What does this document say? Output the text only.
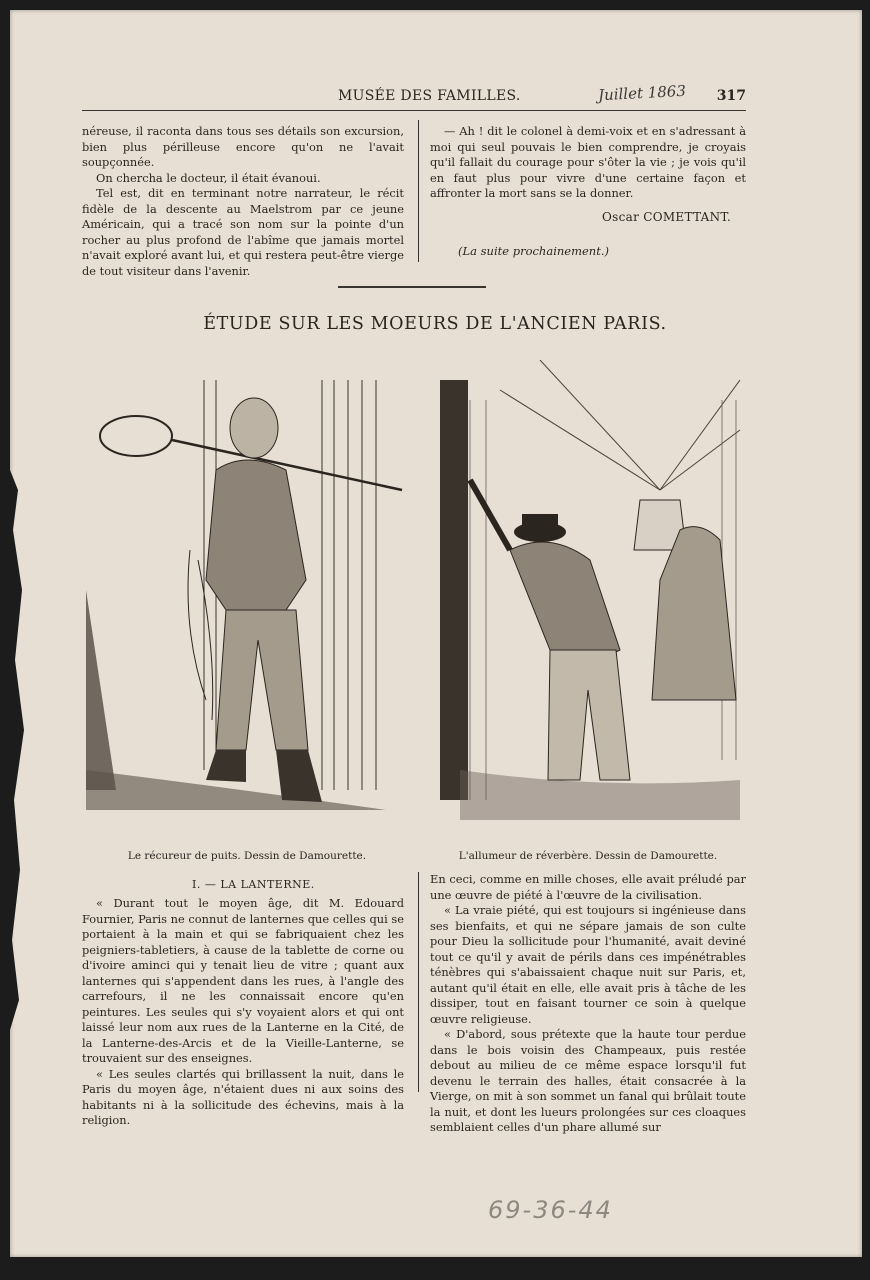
MUSÉE DES FAMILLES.	Juillet 1863 317

néreuse, il raconta dans tous ses détails son excursion, bien plus périlleuse encore qu'on ne l'avait soupçonnée.

On chercha le docteur, il était évanoui.

Tel est, dit en terminant notre narrateur, le récit fidèle de la descente au Maelstrom par ce jeune Américain, qui a tracé son nom sur la pointe d'un rocher au plus profond de l'abîme que jamais mortel n'avait exploré avant lui, et qui restera peut-être vierge de tout visiteur dans l'avenir.

— Ah ! dit le colonel à demi-voix et en s'adressant à moi qui seul pouvais le bien comprendre, je croyais qu'il fallait du courage pour s'ôter la vie ; je vois qu'il en faut plus pour vivre d'une certaine façon et affronter la mort sans se la donner.

Oscar COMETTANT.
(La suite prochainement.)
ÉTUDE SUR LES MOEURS DE L'ANCIEN PARIS.
Le récureur de puits. Dessin de Damourette.	L'allumeur de réverbère. Dessin de Damourette.
I. — LA LANTERNE.

« Durant tout le moyen âge, dit M. Edouard Fournier, Paris ne connut de lanternes que celles qui se portaient à la main et qui se fabriquaient chez les peigniers-tabletiers, à cause de la tablette de corne ou d'ivoire aminci qui y tenait lieu de vitre ; quant aux lanternes qui s'appendent dans les rues, à l'angle des carrefours, il ne les connaissait encore qu'en peintures. Les seules qui s'y voyaient alors et qui ont laissé leur nom aux rues de la Lanterne en la Cité, de la Lanterne-des-Arcis et de la Vieille-Lanterne, se trouvaient sur des enseignes.

« Les seules clartés qui brillassent la nuit, dans le Paris du moyen âge, n'étaient dues ni aux soins des habitants ni à la sollicitude des échevins, mais à la religion.

En ceci, comme en mille choses, elle avait préludé par une œuvre de piété à l'œuvre de la civilisation.

« La vraie piété, qui est toujours si ingénieuse dans ses bienfaits, et qui ne sépare jamais de son culte pour Dieu la sollicitude pour l'humanité, avait deviné tout ce qu'il y avait de périls dans ces impénétrables ténèbres qui s'abaissaient chaque nuit sur Paris, et, autant qu'il était en elle, elle avait pris à tâche de les dissiper, tout en faisant tourner ce soin à quelque œuvre religieuse.

« D'abord, sous prétexte que la haute tour perdue dans le bois voisin des Champeaux, puis restée debout au milieu de ce même espace lorsqu'il fut devenu le terrain des halles, était consacrée à la Vierge, on mit à son sommet un fanal qui brûlait toute la nuit, et dont les lueurs prolongées sur ces cloaques semblaient celles d'un phare allumé sur

69-36-44
